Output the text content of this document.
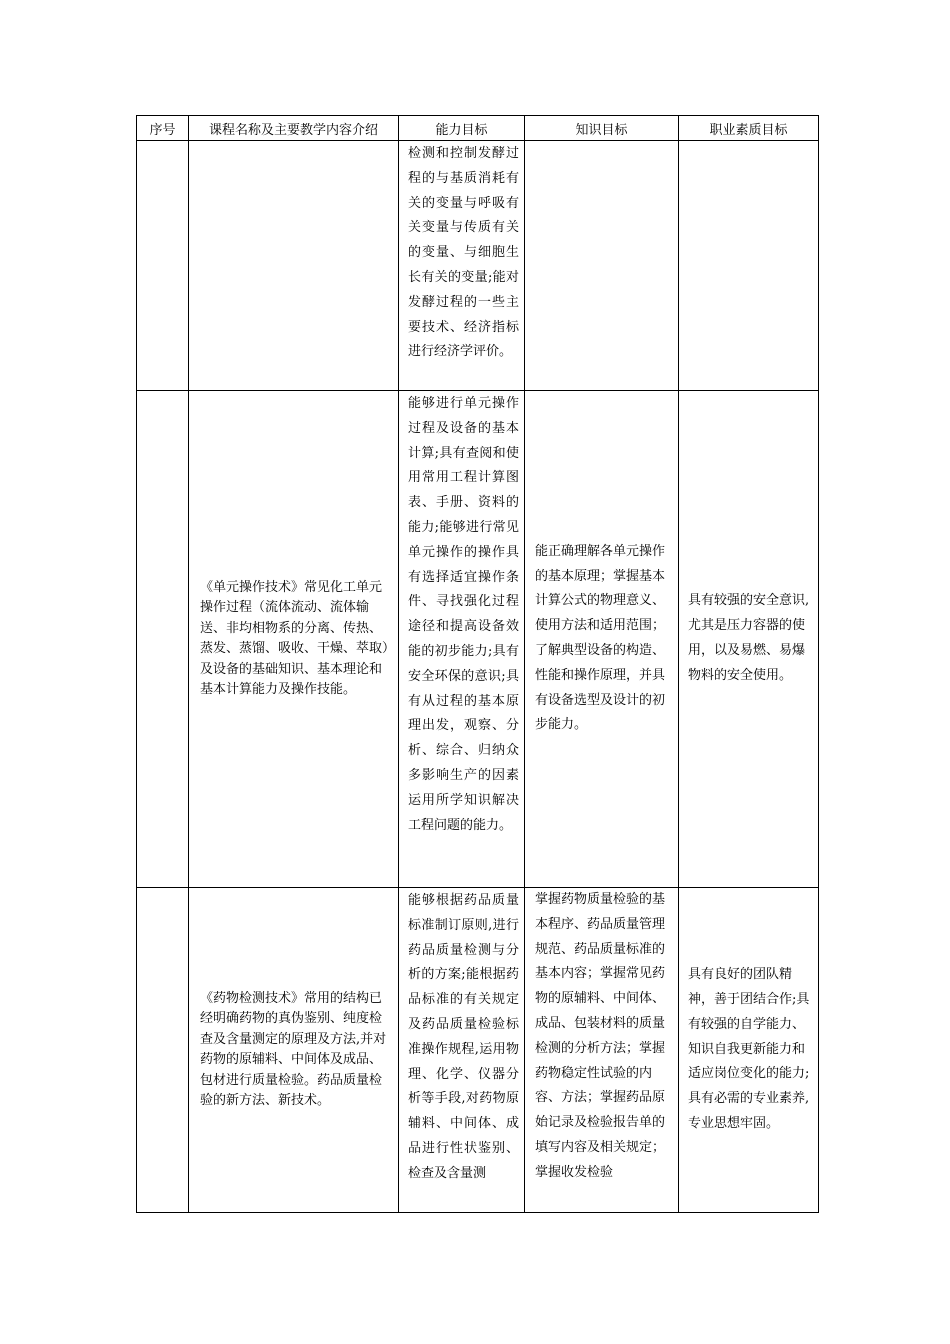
序号	课程名称及主要教学内容介绍	能力目标	知识目标	职业素质目标

		检测和控制发酵过程的与基质消耗有关的变量与呼吸有关变量与传质有关的变量、与细胞生长有关的变量;能对发酵过程的一些主要技术、经济指标进行经济学评价。		

	《单元操作技术》常见化工单元操作过程（流体流动、流体输送、非均相物系的分离、传热、蒸发、蒸馏、吸收、干燥、萃取）及设备的基础知识、基本理论和基本计算能力及操作技能。	能够进行单元操作过程及设备的基本计算;具有查阅和使用常用工程计算图表、手册、资料的能力;能够进行常见单元操作的操作具有选择适宜操作条件、寻找强化过程途径和提高设备效能的初步能力;具有安全环保的意识;具有从过程的基本原理出发，观察、分析、综合、归纳众多影响生产的因素运用所学知识解决工程问题的能力。	能正确理解各单元操作的基本原理；掌握基本计算公式的物理意义、使用方法和适用范围；了解典型设备的构造、性能和操作原理，并具有设备选型及设计的初步能力。	具有较强的安全意识,尤其是压力容器的使用，以及易燃、易爆物料的安全使用。

	《药物检测技术》常用的结构已经明确药物的真伪鉴别、纯度检查及含量测定的原理及方法,并对药物的原辅料、中间体及成品、包材进行质量检验。药品质量检验的新方法、新技术。	能够根据药品质量标准制订原则,进行药品质量检测与分析的方案;能根据药品标准的有关规定及药品质量检验标准操作规程,运用物理、化学、仪器分析等手段,对药物原辅料、中间体、成品进行性状鉴别、检查及含量测	掌握药物质量检验的基本程序、药品质量管理规范、药品质量标准的基本内容；掌握常见药物的原辅料、中间体、成品、包装材料的质量检测的分析方法；掌握药物稳定性试验的内容、方法；掌握药品原始记录及检验报告单的填写内容及相关规定；掌握收发检验	具有良好的团队精神，善于团结合作;具有较强的自学能力、知识自我更新能力和适应岗位变化的能力;具有必需的专业素养,专业思想牢固。
